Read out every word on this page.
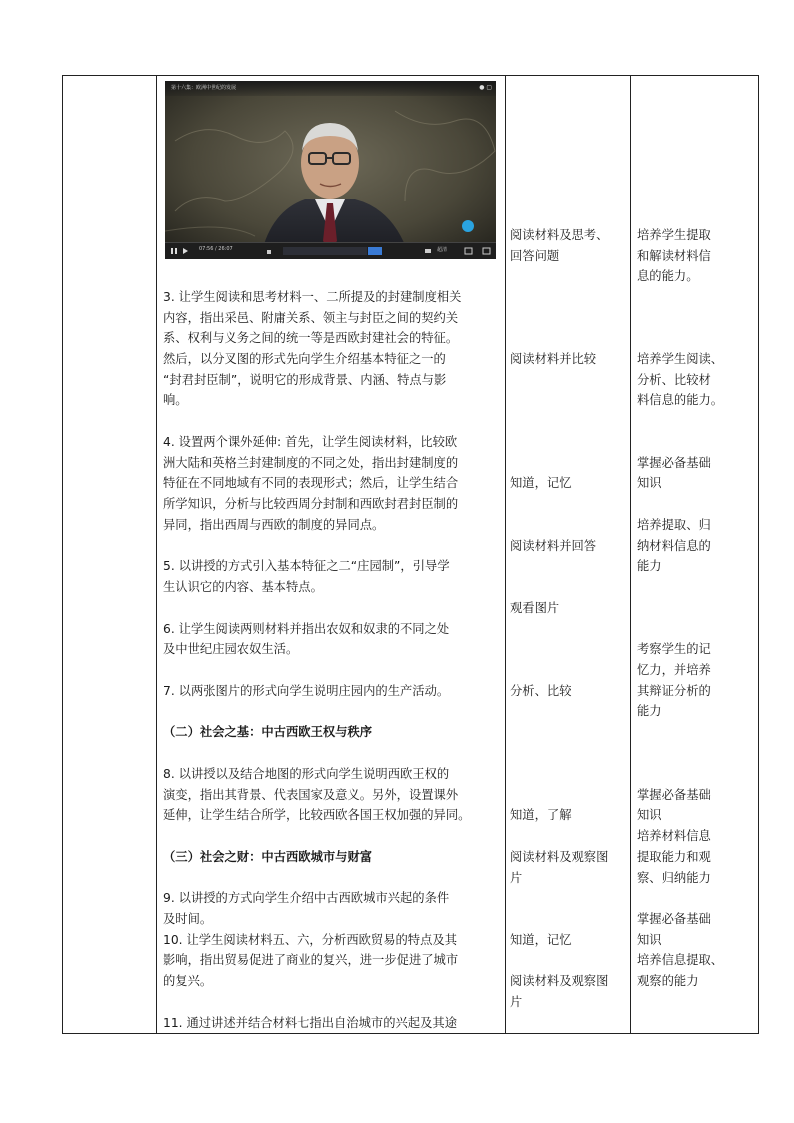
第十六集：欧洲中世纪的发展	● ▢
07:56 / 26:07	超清

3. 让学生阅读和思考材料一、二所提及的封建制度相关

内容，指出采邑、附庸关系、领主与封臣之间的契约关

系、权利与义务之间的统一等是西欧封建社会的特征。

然后，以分叉图的形式先向学生介绍基本特征之一的

“封君封臣制”，说明它的形成背景、内涵、特点与影

响。

4. 设置两个课外延伸: 首先，让学生阅读材料，比较欧

洲大陆和英格兰封建制度的不同之处，指出封建制度的

特征在不同地域有不同的表现形式；然后，让学生结合

所学知识，分析与比较西周分封制和西欧封君封臣制的

异同，指出西周与西欧的制度的异同点。

5. 以讲授的方式引入基本特征之二“庄园制”，引导学

生认识它的内容、基本特点。

6. 让学生阅读两则材料并指出农奴和奴隶的不同之处

及中世纪庄园农奴生活。

7. 以两张图片的形式向学生说明庄园内的生产活动。

（二）社会之基：中古西欧王权与秩序

8. 以讲授以及结合地图的形式向学生说明西欧王权的

演变，指出其背景、代表国家及意义。另外，设置课外

延伸，让学生结合所学，比较西欧各国王权加强的异同。

（三）社会之财：中古西欧城市与财富

9. 以讲授的方式向学生介绍中古西欧城市兴起的条件

及时间。

10. 让学生阅读材料五、六，分析西欧贸易的特点及其

影响，指出贸易促进了商业的复兴，进一步促进了城市

的复兴。

11. 通过讲述并结合材料七指出自治城市的兴起及其途

阅读材料及思考、

回答问题

阅读材料并比较

知道，记忆

阅读材料并回答

观看图片

分析、比较

知道，了解

阅读材料及观察图

片

知道，记忆

阅读材料及观察图

片

培养学生提取

和解读材料信

息的能力。

培养学生阅读、

分析、比较材

料信息的能力。

掌握必备基础

知识

培养提取、归

纳材料信息的

能力

考察学生的记

忆力，并培养

其辩证分析的

能力

掌握必备基础

知识

培养材料信息

提取能力和观

察、归纳能力

掌握必备基础

知识

培养信息提取、

观察的能力
